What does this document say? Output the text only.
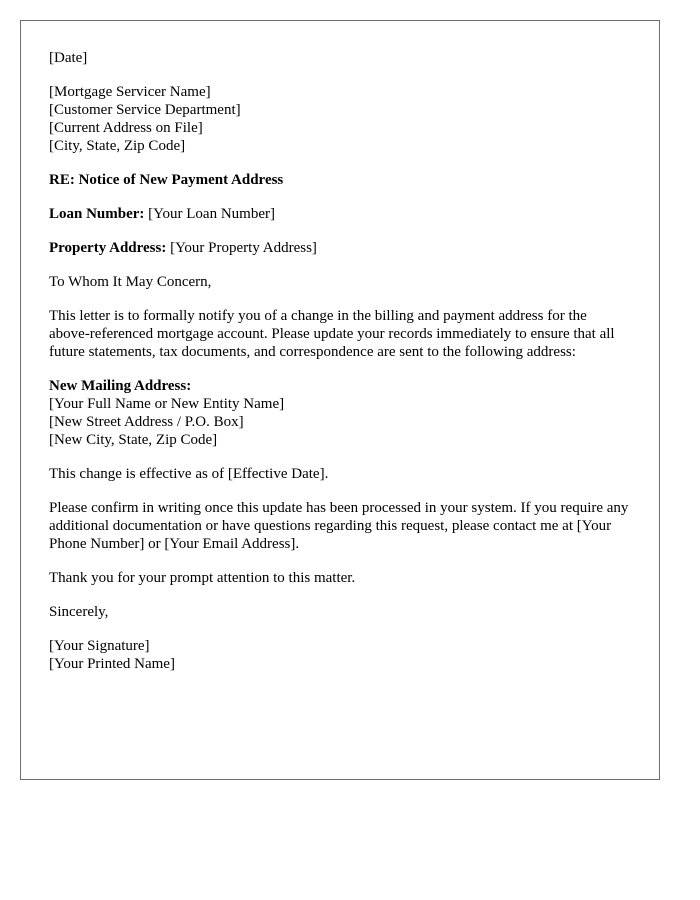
[Date]
[Mortgage Servicer Name]
[Customer Service Department]
[Current Address on File]
[City, State, Zip Code]
RE: Notice of New Payment Address
Loan Number: [Your Loan Number]
Property Address: [Your Property Address]
To Whom It May Concern,
This letter is to formally notify you of a change in the billing and payment address for the above-referenced mortgage account. Please update your records immediately to ensure that all future statements, tax documents, and correspondence are sent to the following address:
New Mailing Address:
[Your Full Name or New Entity Name]
[New Street Address / P.O. Box]
[New City, State, Zip Code]
This change is effective as of [Effective Date].
Please confirm in writing once this update has been processed in your system. If you require any additional documentation or have questions regarding this request, please contact me at [Your Phone Number] or [Your Email Address].
Thank you for your prompt attention to this matter.
Sincerely,
[Your Signature]
[Your Printed Name]
